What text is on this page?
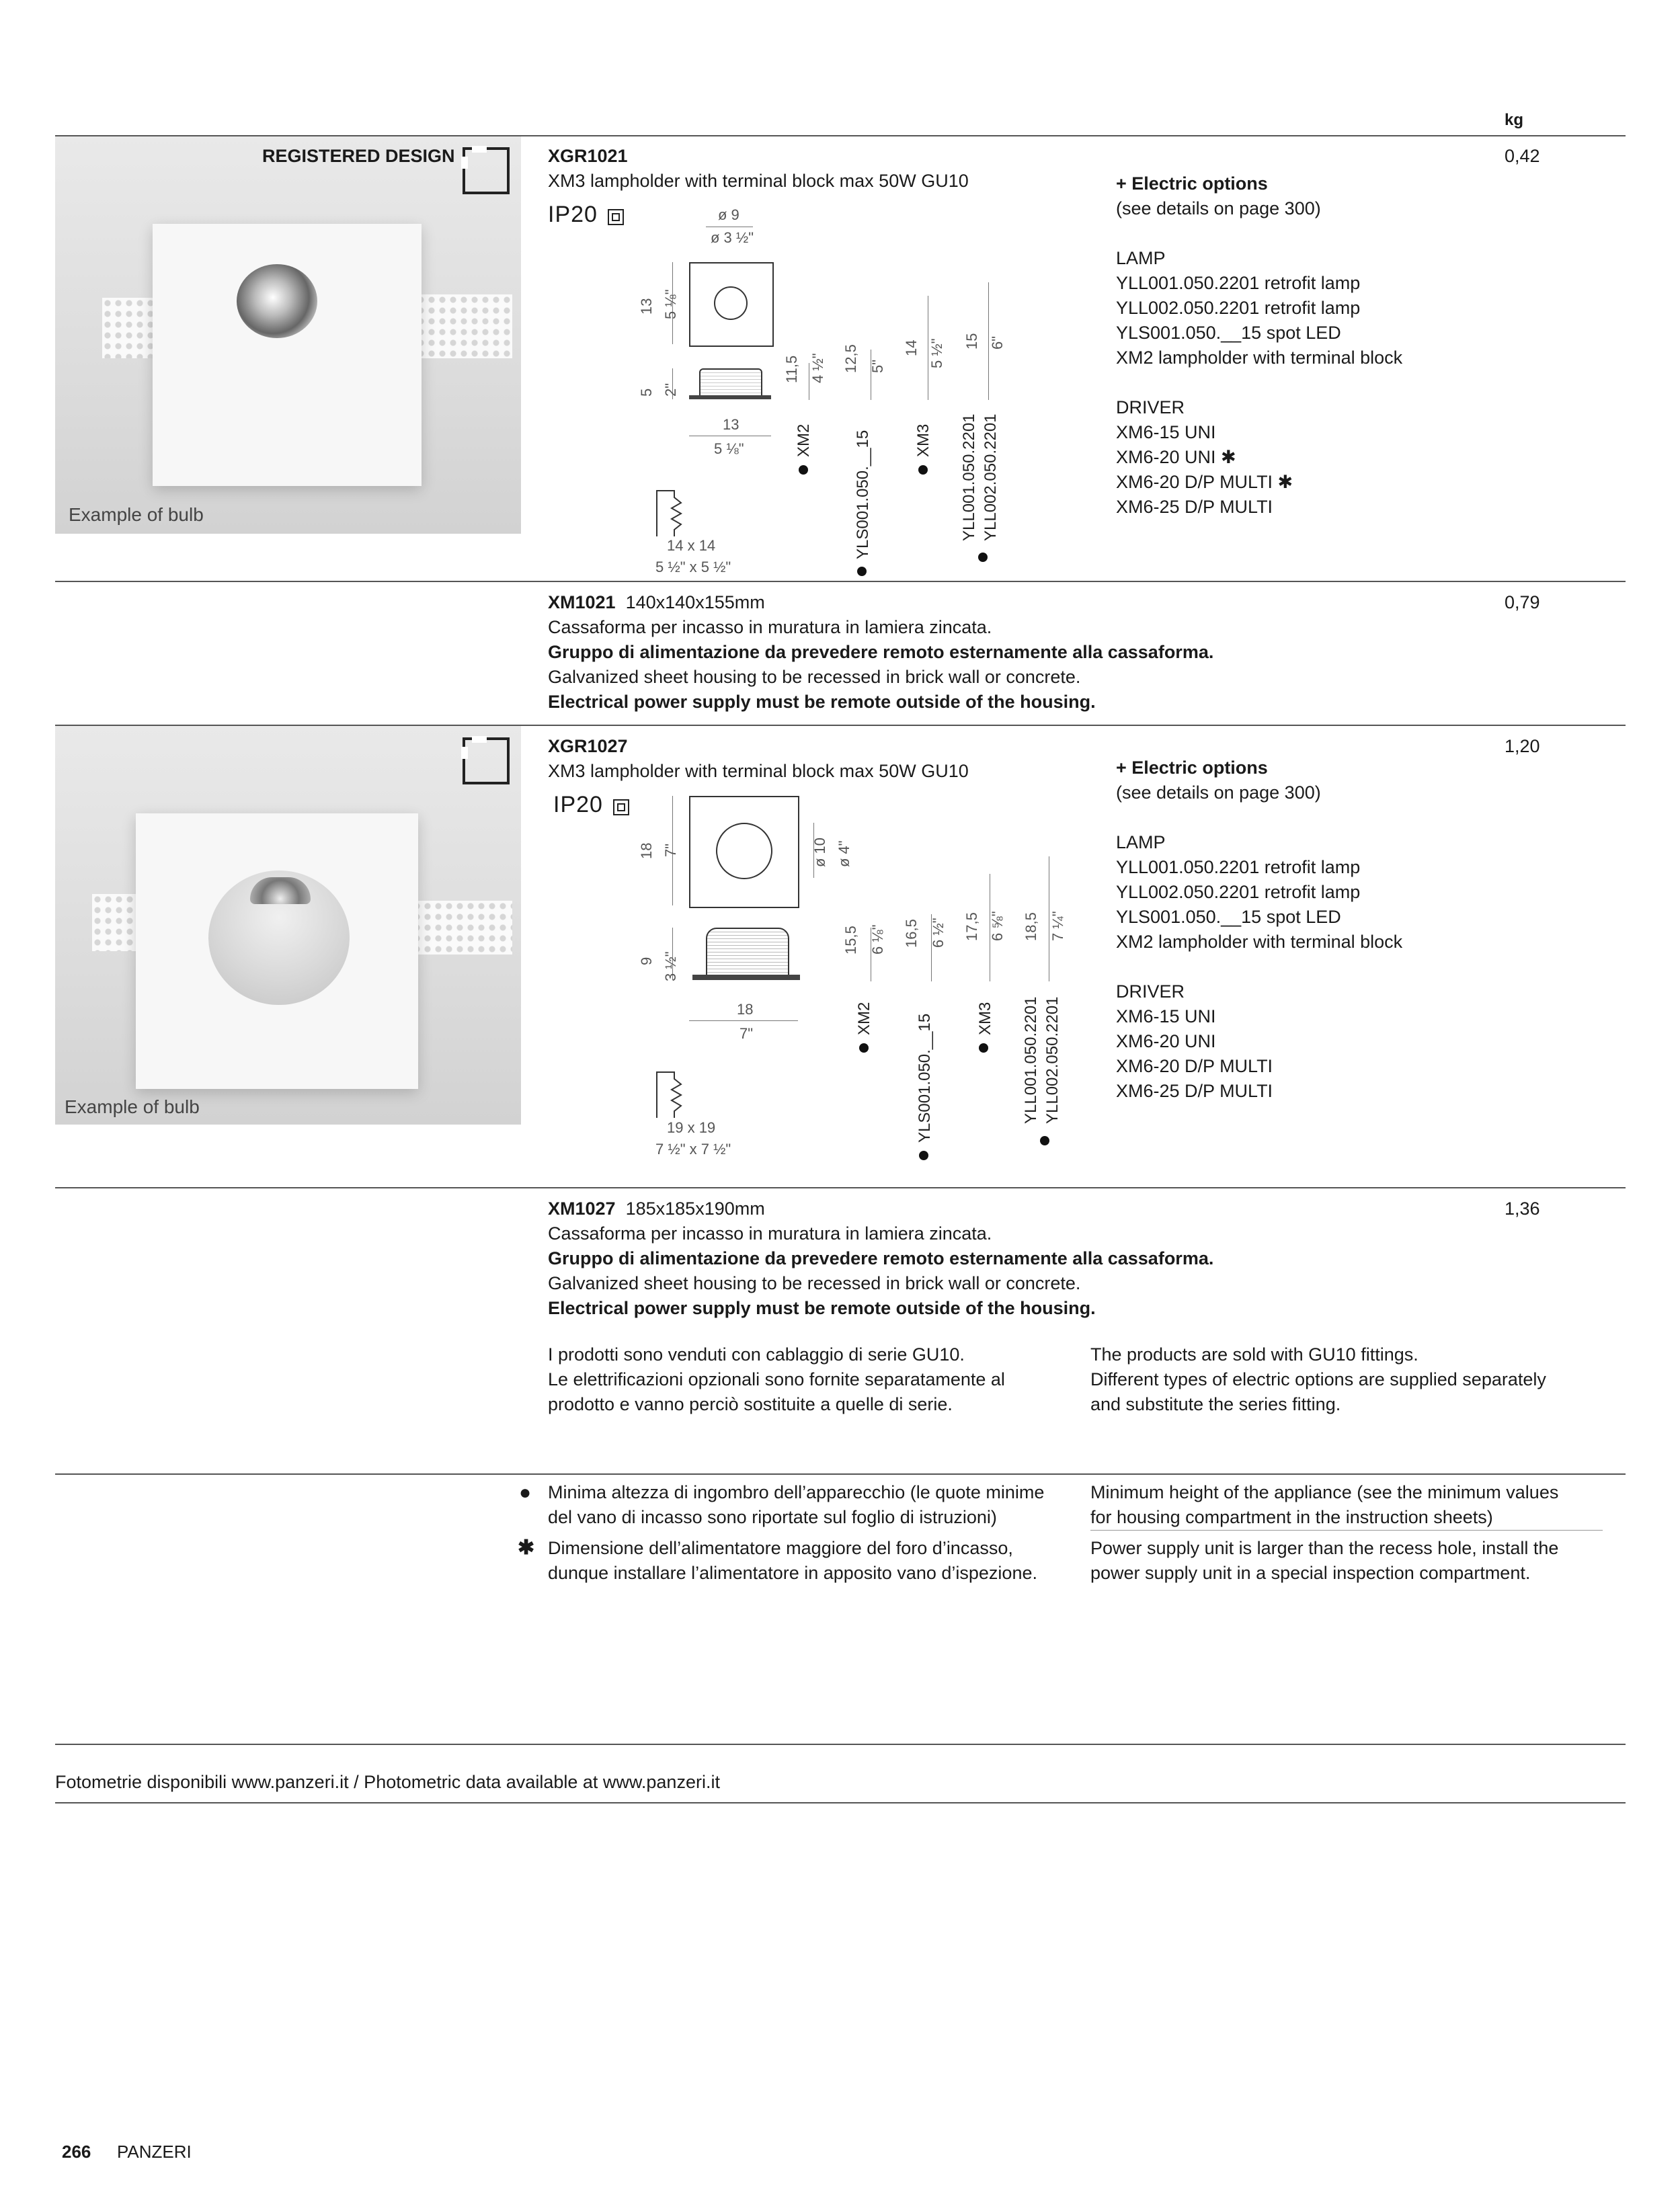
kg
Example of bulb
REGISTERED DESIGN	XGR1021
XM3 lampholder with terminal block max 50W GU10
IP20
0,42
ø 9
ø 3 ½"
13 5 ⅛"
5 2"
13
5 ⅛"
14 x 14
5 ½" x 5 ½"
11,5 4 ½"
XM2
12,5 5"
YLS001.050.__15
14 5 ½"
XM3
15 6"
YLL001.050.2201 YLL002.050.2201
+ Electric options
(see details on page 300)
LAMP
YLL001.050.2201 retrofit lamp
YLL002.050.2201 retrofit lamp
YLS001.050.__15 spot LED
XM2 lampholder with terminal block
DRIVER
XM6-15 UNI
XM6-20 UNI ✱
XM6-20 D/P MULTI ✱
XM6-25 D/P MULTI
XM1021 140x140x155mm
Cassaforma per incasso in muratura in lamiera zincata.
Gruppo di alimentazione da prevedere remoto esternamente alla cassaforma.
Galvanized sheet housing to be recessed in brick wall or concrete.
Electrical power supply must be remote outside of the housing.
0,79
Example of bulb
XGR1027
XM3 lampholder with terminal block max 50W GU10
IP20
1,20
ø 10 ø 4"
18 7"
9 3 ½"
18
7"
19 x 19
7 ½" x 7 ½"
15,5 6 ⅛"
XM2
16,5 6 ½"
YLS001.050.__15
17,5 6 ⅝"
XM3
18,5 7 ¼"
YLL001.050.2201 YLL002.050.2201
+ Electric options
(see details on page 300)
LAMP
YLL001.050.2201 retrofit lamp
YLL002.050.2201 retrofit lamp
YLS001.050.__15 spot LED
XM2 lampholder with terminal block
DRIVER
XM6-15 UNI
XM6-20 UNI
XM6-20 D/P MULTI
XM6-25 D/P MULTI
XM1027 185x185x190mm
Cassaforma per incasso in muratura in lamiera zincata.
Gruppo di alimentazione da prevedere remoto esternamente alla cassaforma.
Galvanized sheet housing to be recessed in brick wall or concrete.
Electrical power supply must be remote outside of the housing.
1,36
I prodotti sono venduti con cablaggio di serie GU10.
Le elettrificazioni opzionali sono fornite separatamente al
prodotto e vanno perciò sostituite a quelle di serie.
The products are sold with GU10 fittings.
Different types of electric options are supplied separately
and substitute the series fitting.
● Minima altezza di ingombro dell’apparecchio (le quote minime
del vano di incasso sono riportate sul foglio di istruzioni)
Minimum height of the appliance (see the minimum values
for housing compartment in the instruction sheets)
✱ Dimensione dell’alimentatore maggiore del foro d’incasso,
dunque installare l’alimentatore in apposito vano d’ispezione.
Power supply unit is larger than the recess hole, install the
power supply unit in a special inspection compartment.
Fotometrie disponibili www.panzeri.it / Photometric data available at www.panzeri.it
266 PANZERI
